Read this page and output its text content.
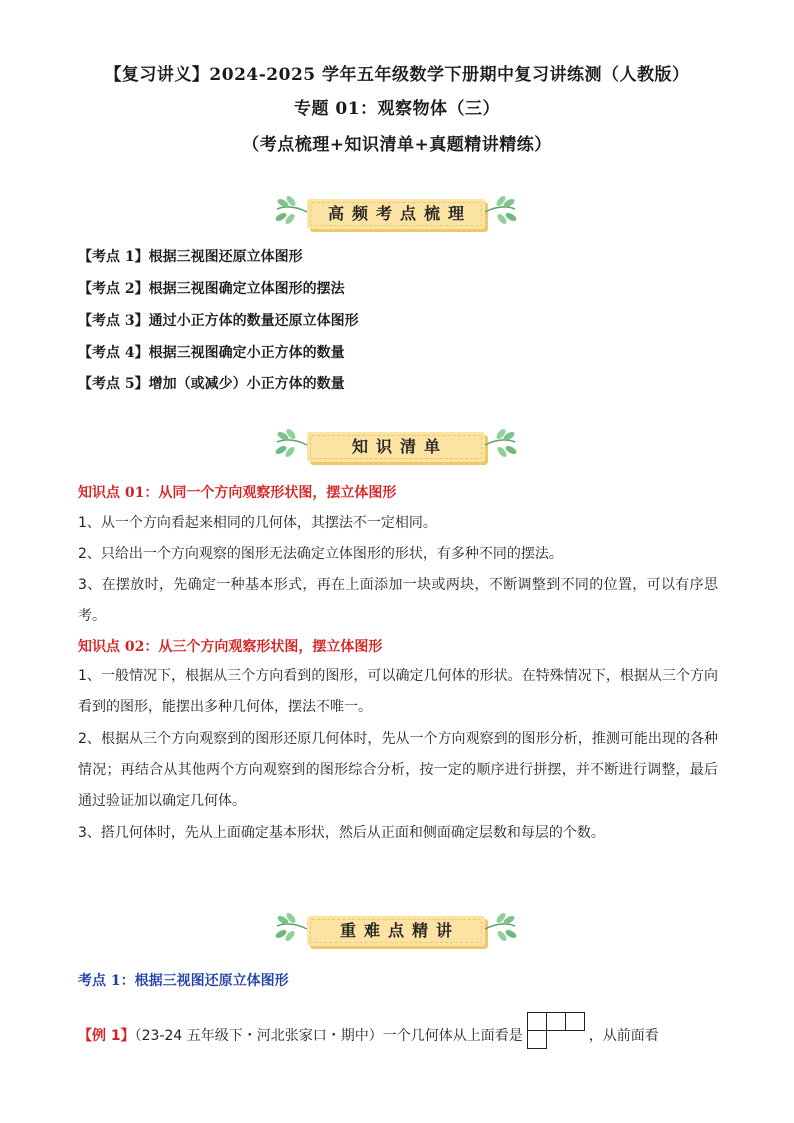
【复习讲义】2024-2025 学年五年级数学下册期中复习讲练测（人教版）
专题 01：观察物体（三）
（考点梳理+知识清单+真题精讲精练）
高频考点梳理
【考点 1】根据三视图还原立体图形
【考点 2】根据三视图确定立体图形的摆法
【考点 3】通过小正方体的数量还原立体图形
【考点 4】根据三视图确定小正方体的数量
【考点 5】增加（或减少）小正方体的数量
知识清单
知识点 01：从同一个方向观察形状图，摆立体图形
1、从一个方向看起来相同的几何体，其摆法不一定相同。
2、只给出一个方向观察的图形无法确定立体图形的形状，有多种不同的摆法。
3、在摆放时，先确定一种基本形式，再在上面添加一块或两块，不断调整到不同的位置，可以有序思考。
知识点 02：从三个方向观察形状图，摆立体图形
1、一般情况下，根据从三个方向看到的图形，可以确定几何体的形状。在特殊情况下，根据从三个方向看到的图形，能摆出多种几何体，摆法不唯一。
2、根据从三个方向观察到的图形还原几何体时，先从一个方向观察到的图形分析，推测可能出现的各种情况；再结合从其他两个方向观察到的图形综合分析，按一定的顺序进行拼摆，并不断进行调整，最后通过验证加以确定几何体。
3、搭几何体时，先从上面确定基本形状，然后从正面和侧面确定层数和每层的个数。
重难点精讲
考点 1：根据三视图还原立体图形
【例 1】（23-24 五年级下・河北张家口・期中）一个几何体从上面看是	，从前面看
